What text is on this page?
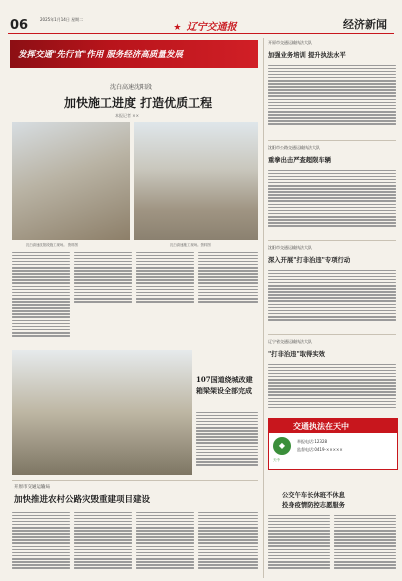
06	2025年1月14日 星期二
★ 辽宁交通报	经济新闻
发挥交通"先行官"作用 服务经济高质量发展
沈白高速沈阳段
加快施工进度 打造优质工程
本报记者 ××
沈白高速沈阳段施工现场。 资料图	沈白高速施工现场。资料图
107国道绕城改建
箱梁架设全部完成
开原市交通运输局
加快推进农村公路灾毁重建项目建设
开原市交通运输执法大队
加强业务培训 提升执法水平
沈阳市公路交通运输执法大队
重拳出击严查超限车辆
沈阳市交通运输执法大队
深入开展"打非治违"专项行动
辽宁省交通运输执法大队
"打非治违"取得实效
交通执法在天中
◆
天中
举报电话:12328
监督电话:0419-×××××
公交午车长休班不休息
投身疫情防控志愿服务
